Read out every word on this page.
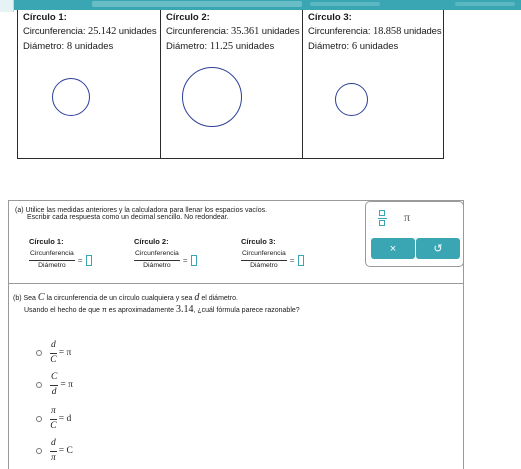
Círculo 1:
Circunferencia: 25.142 unidades
Diámetro: 8 unidades
Círculo 2:
Circunferencia: 35.361 unidades
Diámetro: 11.25 unidades
Círculo 3:
Circunferencia: 18.858 unidades
Diámetro: 6 unidades
(a) Utilice las medidas anteriores y la calculadora para llenar los espacios vacíos.
Escribir cada respuesta como un decimal sencillo. No redondear.
Círculo 1:	Círculo 2:	Círculo 3:
$\frac{\text{Circunferencia}}{\text{Diámetro}}$ =	$\frac{\text{Circunferencia}}{\text{Diámetro}}$ =	$\frac{\text{Circunferencia}}{\text{Diámetro}}$ =
(b) Sea C la circunferencia de un círculo cualquiera y sea d el diámetro.
Usando el hecho de que π es aproximadamente 3.14, ¿cuál fórmula parece razonable?
d
C
= π
C
d
= π
π
C
= d
d
π
= C
π
×	↺
